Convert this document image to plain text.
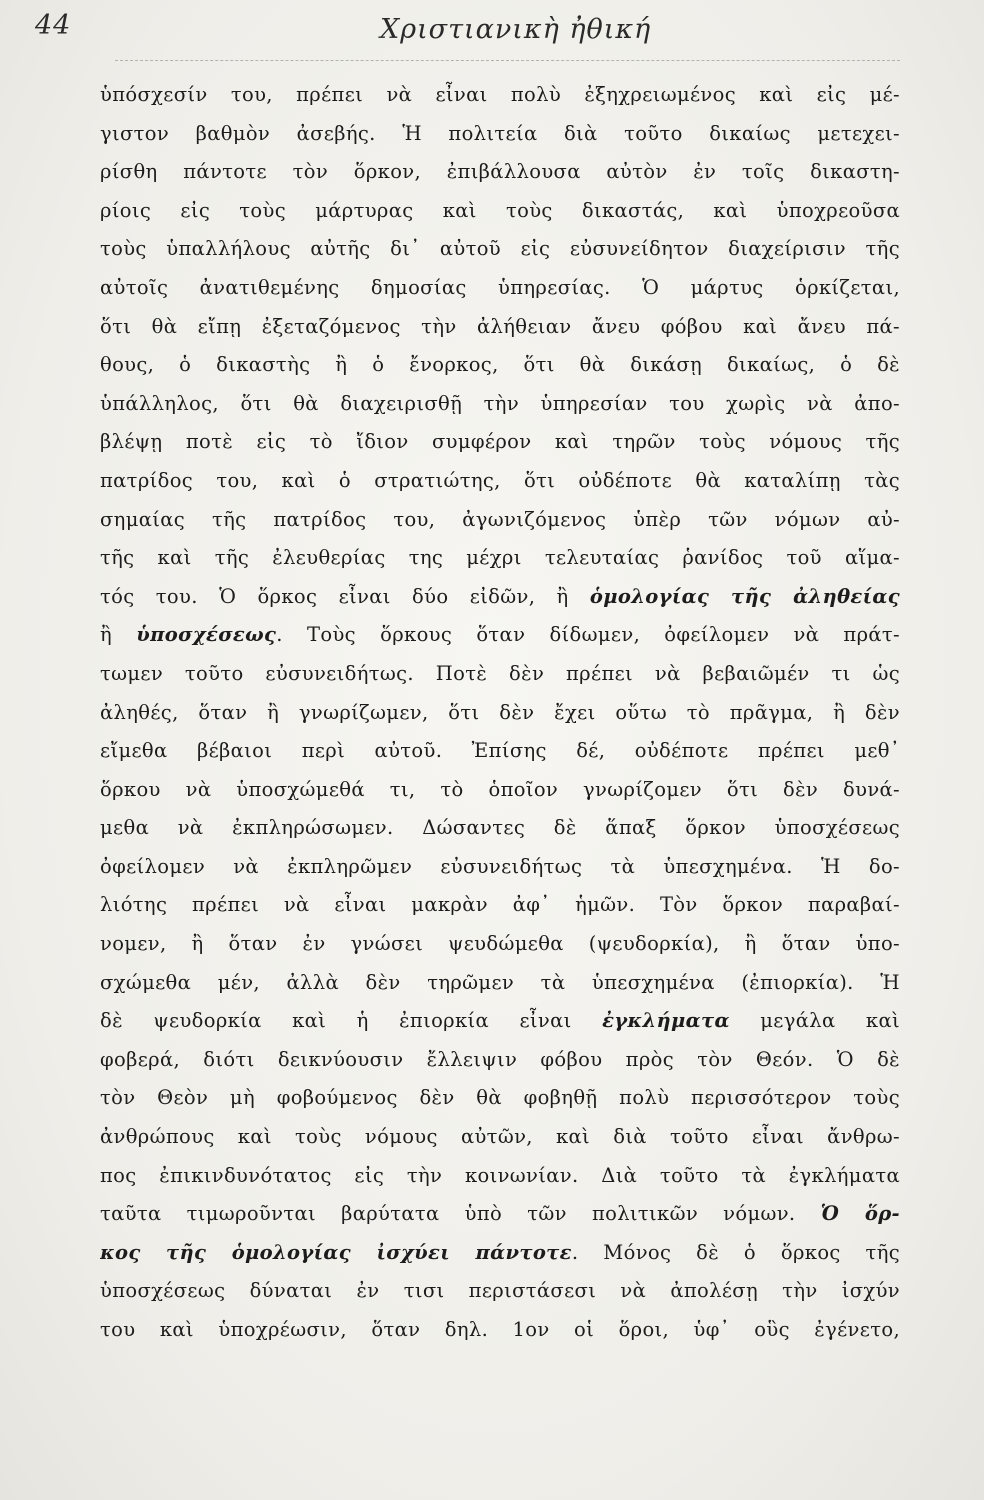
44	Χριστιανικὴ ἠθική
ὑπόσχεσίν του, πρέπει νὰ εἶναι πολὺ ἐξηχρειωμένος καὶ εἰς μέ-
γιστον βαθμὸν ἀσεβής. Ἡ πολιτεία διὰ τοῦτο δικαίως μετεχει-
ρίσθη πάντοτε τὸν ὅρκον, ἐπιβάλλουσα αὐτὸν ἐν τοῖς δικαστη-
ρίοις εἰς τοὺς μάρτυρας καὶ τοὺς δικαστάς, καὶ ὑποχρεοῦσα
τοὺς ὑπαλλήλους αὐτῆς δι᾽ αὐτοῦ εἰς εὐσυνείδητον διαχείρισιν τῆς
αὐτοῖς ἀνατιθεμένης δημοσίας ὑπηρεσίας. Ὁ μάρτυς ὁρκίζεται,
ὅτι θὰ εἴπῃ ἐξεταζόμενος τὴν ἀλήθειαν ἄνευ φόβου καὶ ἄνευ πά-
θους, ὁ δικαστὴς ἢ ὁ ἔνορκος, ὅτι θὰ δικάσῃ δικαίως, ὁ δὲ
ὑπάλληλος, ὅτι θὰ διαχειρισθῇ τὴν ὑπηρεσίαν του χωρὶς νὰ ἀπο-
βλέψῃ ποτὲ εἰς τὸ ἴδιον συμφέρον καὶ τηρῶν τοὺς νόμους τῆς
πατρίδος του, καὶ ὁ στρατιώτης, ὅτι οὐδέποτε θὰ καταλίπῃ τὰς
σημαίας τῆς πατρίδος του, ἀγωνιζόμενος ὑπὲρ τῶν νόμων αὐ-
τῆς καὶ τῆς ἐλευθερίας της μέχρι τελευταίας ῥανίδος τοῦ αἵμα-
τός του. Ὁ ὅρκος εἶναι δύο εἰδῶν, ἢ ὁμολογίας τῆς ἀληθείας
ἢ ὑποσχέσεως. Τοὺς ὅρκους ὅταν δίδωμεν, ὀφείλομεν νὰ πράτ-
τωμεν τοῦτο εὐσυνειδήτως. Ποτὲ δὲν πρέπει νὰ βεβαιῶμέν τι ὡς
ἀληθές, ὅταν ἢ γνωρίζωμεν, ὅτι δὲν ἔχει οὕτω τὸ πρᾶγμα, ἢ δὲν
εἴμεθα βέβαιοι περὶ αὐτοῦ. Ἐπίσης δέ, οὐδέποτε πρέπει μεθ᾽
ὅρκου νὰ ὑποσχώμεθά τι, τὸ ὁποῖον γνωρίζομεν ὅτι δὲν δυνά-
μεθα νὰ ἐκπληρώσωμεν. Δώσαντες δὲ ἅπαξ ὅρκον ὑποσχέσεως
ὀφείλομεν νὰ ἐκπληρῶμεν εὐσυνειδήτως τὰ ὑπεσχημένα. Ἡ δο-
λιότης πρέπει νὰ εἶναι μακρὰν ἀφ᾽ ἡμῶν. Τὸν ὅρκον παραβαί-
νομεν, ἢ ὅταν ἐν γνώσει ψευδώμεθα (ψευδορκία), ἢ ὅταν ὑπο-
σχώμεθα μέν, ἀλλὰ δὲν τηρῶμεν τὰ ὑπεσχημένα (ἐπιορκία). Ἡ
δὲ ψευδορκία καὶ ἡ ἐπιορκία εἶναι ἐγκλήματα μεγάλα καὶ
φοβερά, διότι δεικνύουσιν ἔλλειψιν φόβου πρὸς τὸν Θεόν. Ὁ δὲ
τὸν Θεὸν μὴ φοβούμενος δὲν θὰ φοβηθῇ πολὺ περισσότερον τοὺς
ἀνθρώπους καὶ τοὺς νόμους αὐτῶν, καὶ διὰ τοῦτο εἶναι ἄνθρω-
πος ἐπικινδυνότατος εἰς τὴν κοινωνίαν. Διὰ τοῦτο τὰ ἐγκλήματα
ταῦτα τιμωροῦνται βαρύτατα ὑπὸ τῶν πολιτικῶν νόμων. Ὁ ὅρ-
κος τῆς ὁμολογίας ἰσχύει πάντοτε. Μόνος δὲ ὁ ὅρκος τῆς
ὑποσχέσεως δύναται ἐν τισι περιστάσεσι νὰ ἀπολέσῃ τὴν ἰσχύν
του καὶ ὑποχρέωσιν, ὅταν δηλ. 1ον οἱ ὅροι, ὑφ᾽ οὓς ἐγένετο,
